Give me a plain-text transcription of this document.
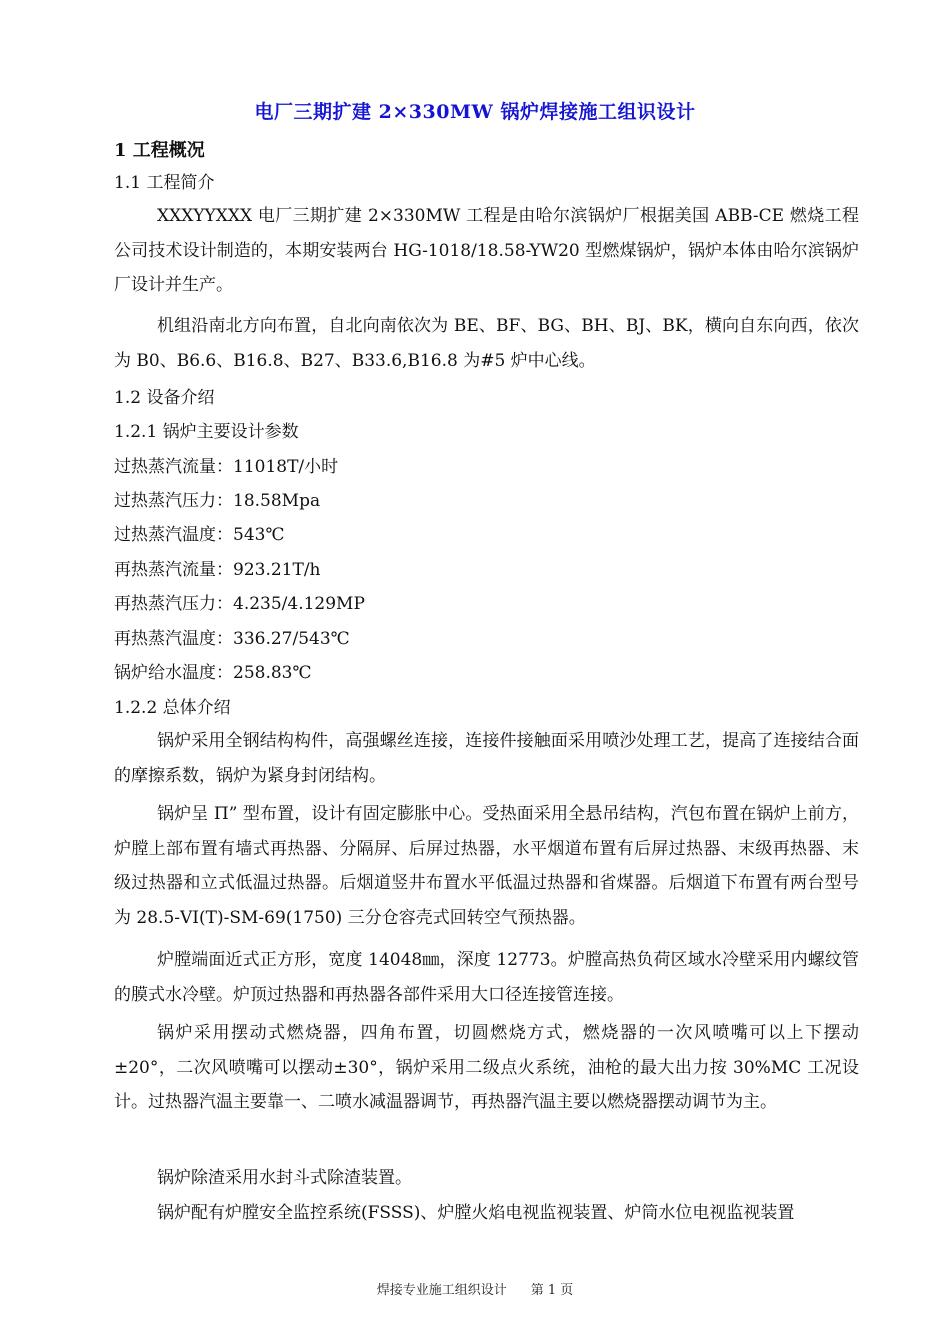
电厂三期扩建 2×330MW 锅炉焊接施工组识设计
1 工程概况
1.1 工程简介
XXXYYXXX 电厂三期扩建 2×330MW 工程是由哈尔滨锅炉厂根据美国 ABB-CE 燃烧工程公司技术设计制造的，本期安装两台 HG-1018/18.58-YW20 型燃煤锅炉，锅炉本体由哈尔滨锅炉厂设计并生产。
机组沿南北方向布置，自北向南依次为 BE、BF、BG、BH、BJ、BK，横向自东向西，依次为 B0、B6.6、B16.8、B27、B33.6,B16.8 为#5 炉中心线。
1.2 设备介绍
1.2.1 锅炉主要设计参数
过热蒸汽流量：11018T/小时
过热蒸汽压力：18.58Mpa
过热蒸汽温度：543℃
再热蒸汽流量：923.21T/h
再热蒸汽压力：4.235/4.129MP
再热蒸汽温度：336.27/543℃
锅炉给水温度：258.83℃
1.2.2 总体介绍
锅炉采用全钢结构构件，高强螺丝连接，连接件接触面采用喷沙处理工艺，提高了连接结合面的摩擦系数，锅炉为紧身封闭结构。
锅炉呈 П” 型布置，设计有固定膨胀中心。受热面采用全悬吊结构，汽包布置在锅炉上前方，炉膛上部布置有墙式再热器、分隔屏、后屏过热器，水平烟道布置有后屏过热器、末级再热器、末级过热器和立式低温过热器。后烟道竖井布置水平低温过热器和省煤器。后烟道下布置有两台型号为 28.5-VI(T)-SM-69(1750) 三分仓容壳式回转空气预热器。
炉膛端面近式正方形，宽度 14048㎜，深度 12773。炉膛高热负荷区域水冷壁采用内螺纹管的膜式水冷壁。炉顶过热器和再热器各部件采用大口径连接管连接。
锅炉采用摆动式燃烧器，四角布置，切圆燃烧方式，燃烧器的一次风喷嘴可以上下摆动±20°，二次风喷嘴可以摆动±30°，锅炉采用二级点火系统，油枪的最大出力按 30%MC 工况设计。过热器汽温主要靠一、二喷水减温器调节，再热器汽温主要以燃烧器摆动调节为主。
锅炉除渣采用水封斗式除渣装置。
锅炉配有炉膛安全监控系统(FSSS)、炉膛火焰电视监视装置、炉筒水位电视监视装置
焊接专业施工组织设计 第 1 页
